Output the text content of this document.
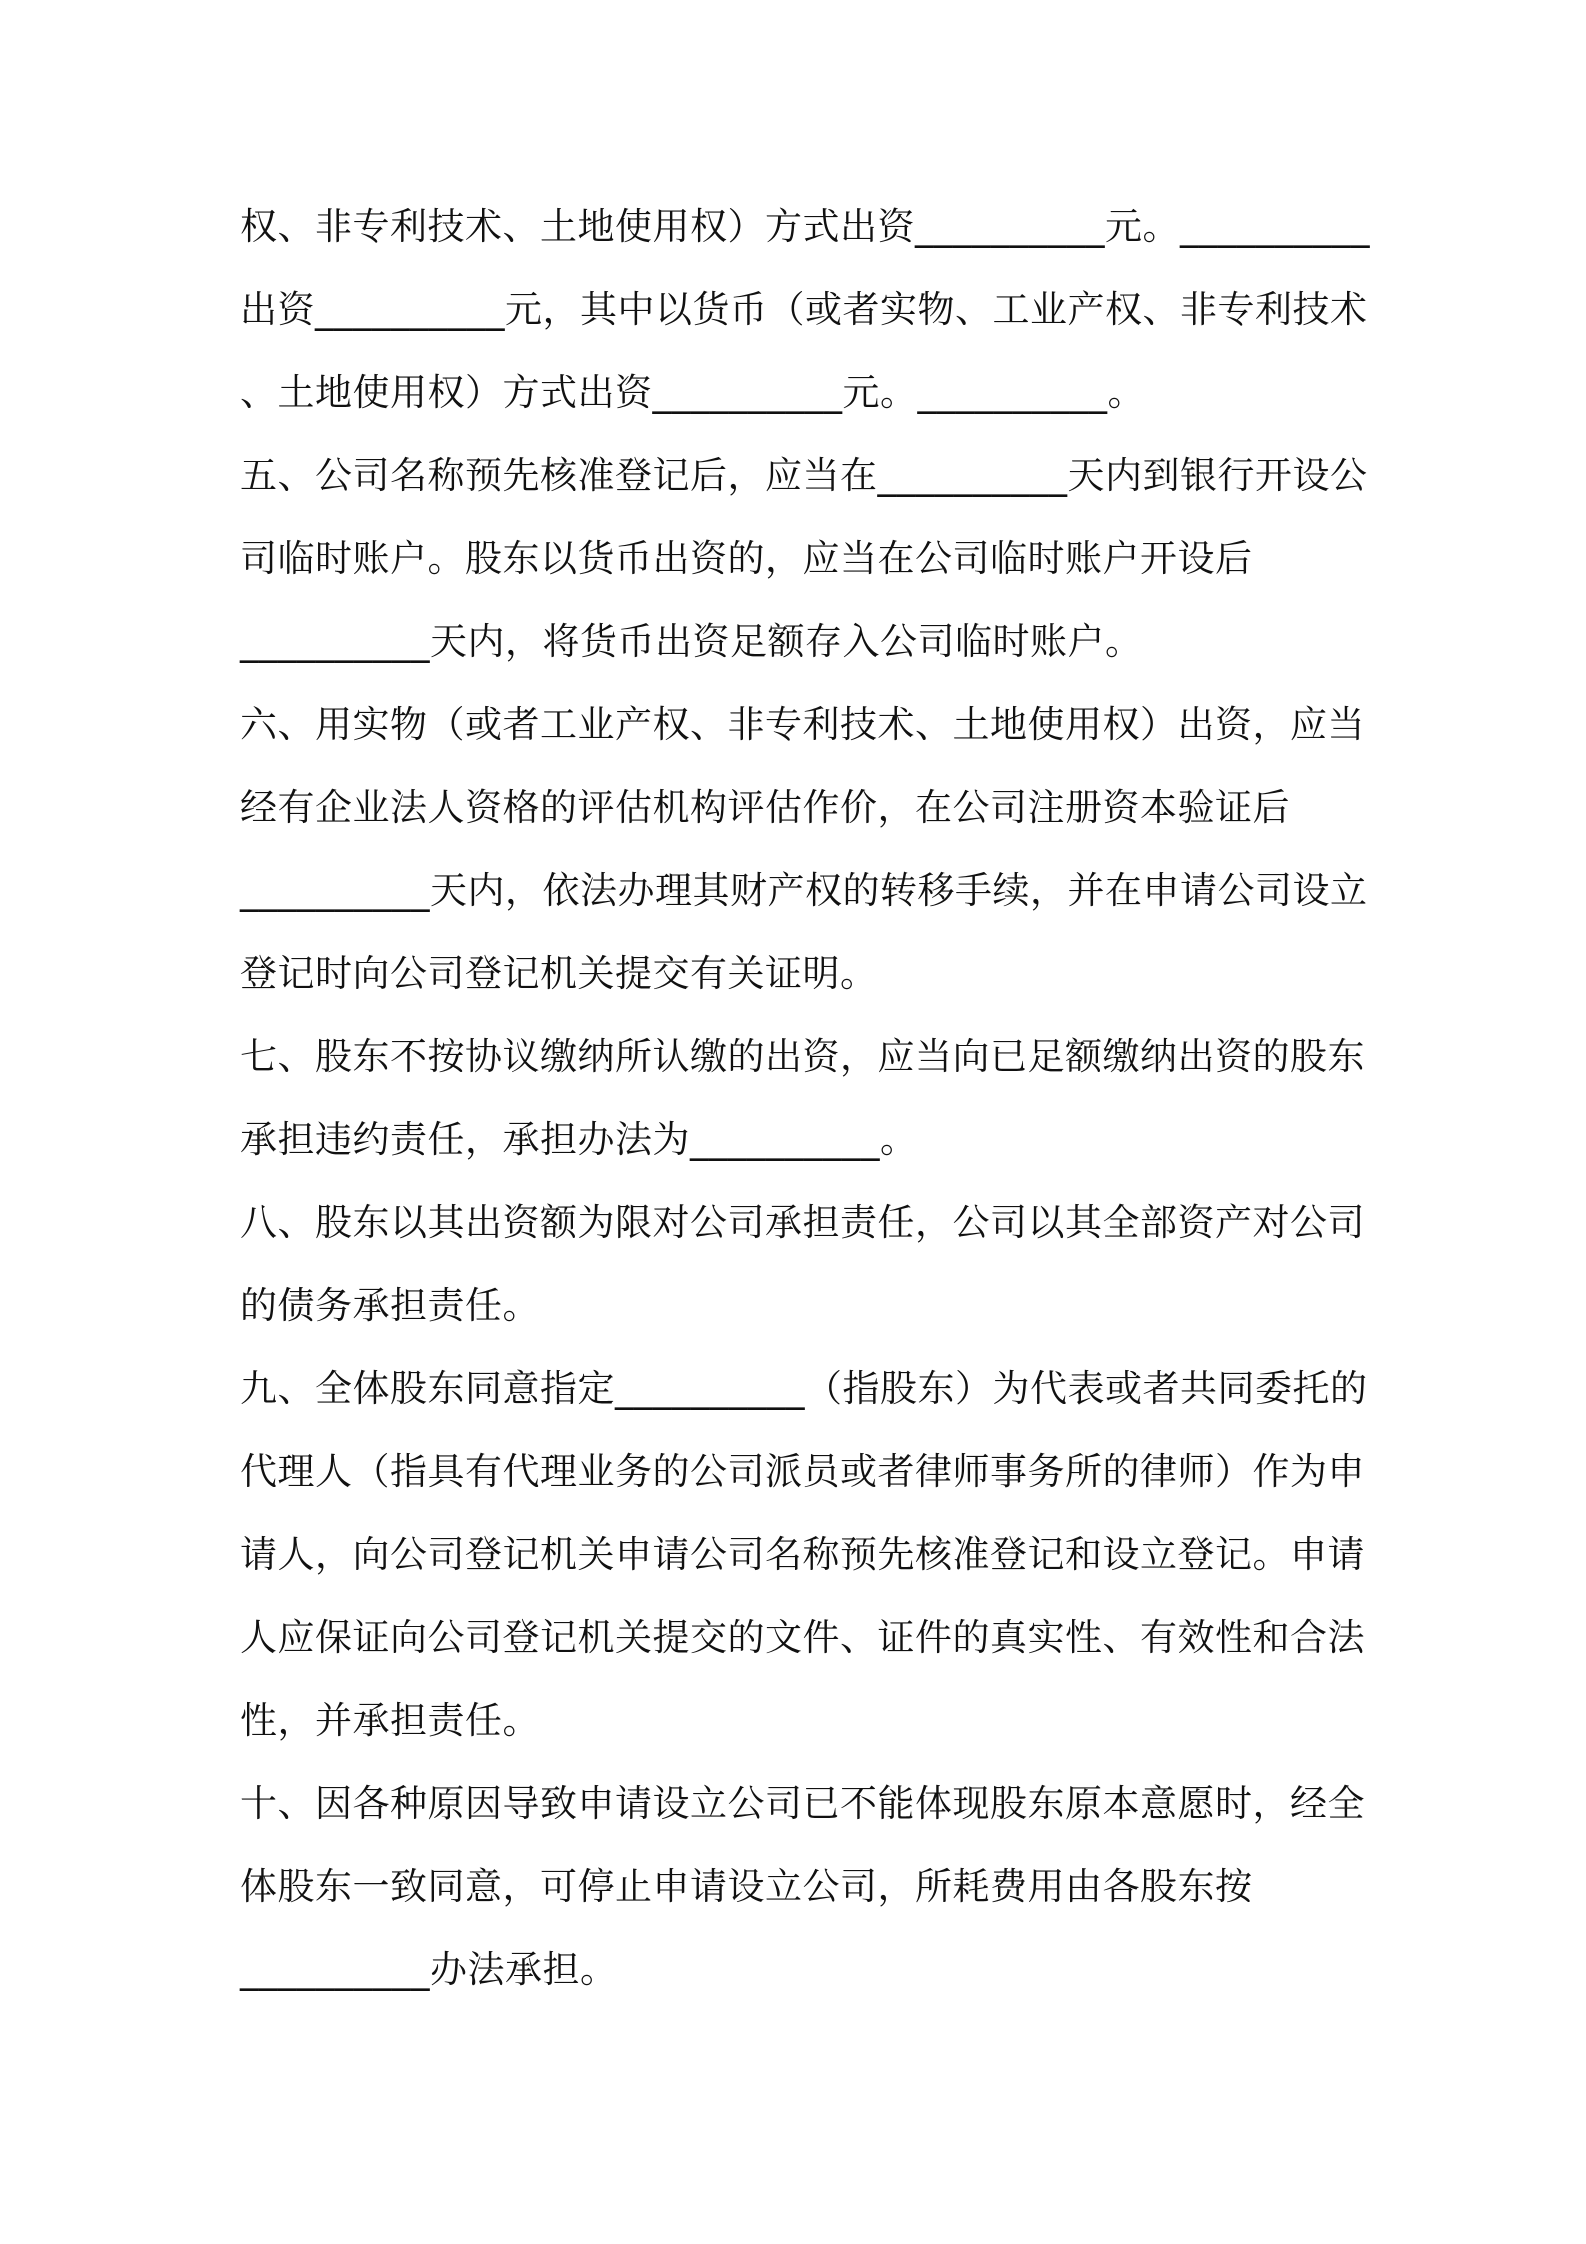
权、非专利技术、土地使用权）方式出资__________元。__________
出资__________元，其中以货币（或者实物、工业产权、非专利技术
、土地使用权）方式出资__________元。__________。
五、公司名称预先核准登记后，应当在__________天内到银行开设公
司临时账户。股东以货币出资的，应当在公司临时账户开设后
__________天内，将货币出资足额存入公司临时账户。
六、用实物（或者工业产权、非专利技术、土地使用权）出资，应当
经有企业法人资格的评估机构评估作价，在公司注册资本验证后
__________天内，依法办理其财产权的转移手续，并在申请公司设立
登记时向公司登记机关提交有关证明。
七、股东不按协议缴纳所认缴的出资，应当向已足额缴纳出资的股东
承担违约责任，承担办法为__________。
八、股东以其出资额为限对公司承担责任，公司以其全部资产对公司
的债务承担责任。
九、全体股东同意指定__________（指股东）为代表或者共同委托的
代理人（指具有代理业务的公司派员或者律师事务所的律师）作为申
请人，向公司登记机关申请公司名称预先核准登记和设立登记。申请
人应保证向公司登记机关提交的文件、证件的真实性、有效性和合法
性，并承担责任。
十、因各种原因导致申请设立公司已不能体现股东原本意愿时，经全
体股东一致同意，可停止申请设立公司，所耗费用由各股东按
__________办法承担。
